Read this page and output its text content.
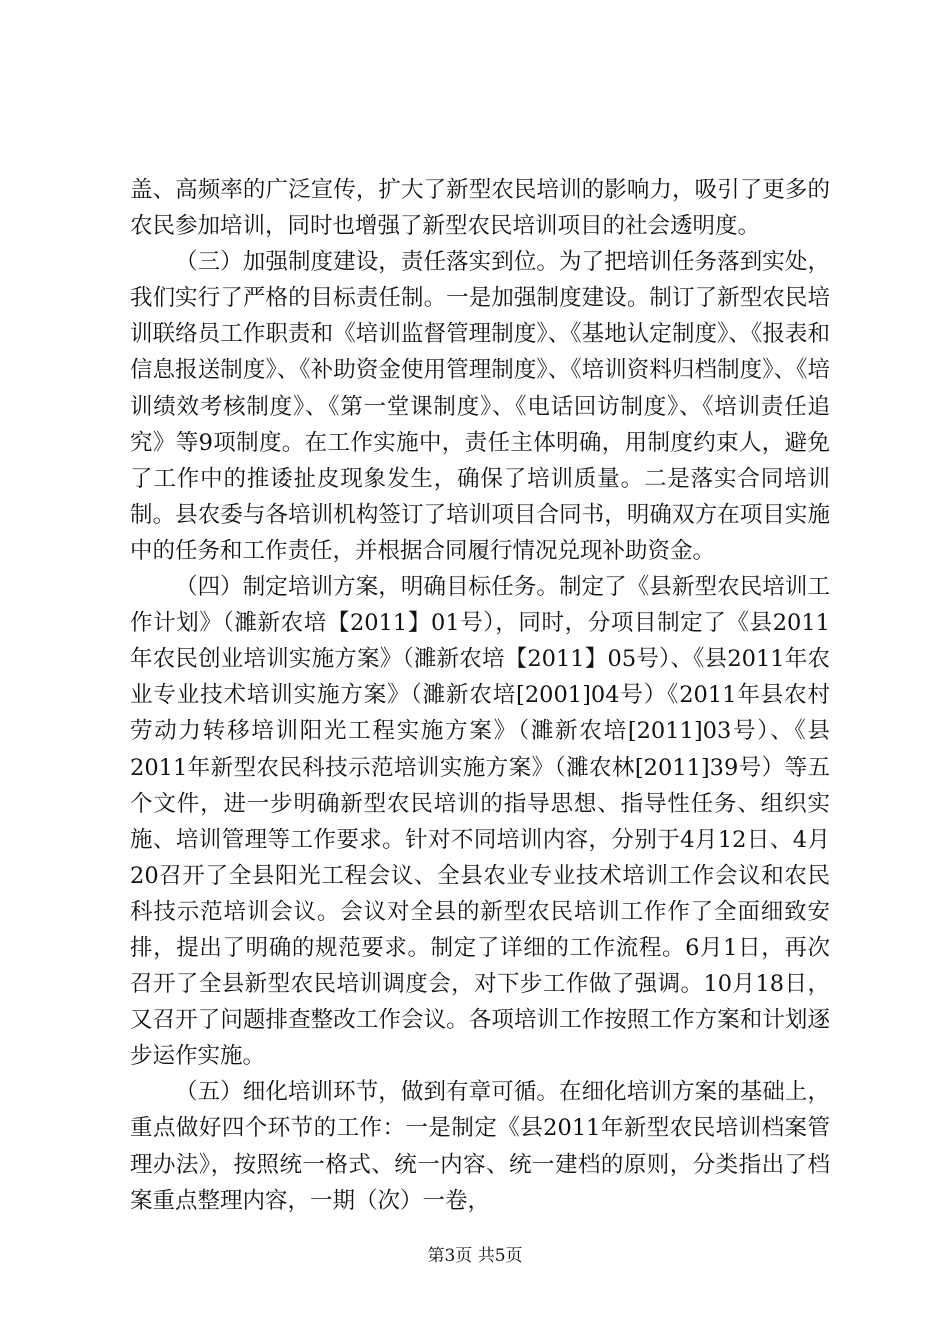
盖、高频率的广泛宣传，扩大了新型农民培训的影响力，吸引了更多的农民参加培训，同时也增强了新型农民培训项目的社会透明度。

（三）加强制度建设，责任落实到位。为了把培训任务落到实处，我们实行了严格的目标责任制。一是加强制度建设。制订了新型农民培训联络员工作职责和《培训监督管理制度》、《基地认定制度》、《报表和信息报送制度》、《补助资金使用管理制度》、《培训资料归档制度》、《培训绩效考核制度》、《第一堂课制度》、《电话回访制度》、《培训责任追究》等9项制度。在工作实施中，责任主体明确，用制度约束人，避免了工作中的推诿扯皮现象发生，确保了培训质量。二是落实合同培训制。县农委与各培训机构签订了培训项目合同书，明确双方在项目实施中的任务和工作责任，并根据合同履行情况兑现补助资金。

（四）制定培训方案，明确目标任务。制定了《县新型农民培训工作计划》（濉新农培【2011】01号），同时，分项目制定了《县2011年农民创业培训实施方案》（濉新农培【2011】05号）、《县2011年农业专业技术培训实施方案》（濉新农培[2001]04号）《2011年县农村劳动力转移培训阳光工程实施方案》（濉新农培[2011]03号）、《县2011年新型农民科技示范培训实施方案》（濉农林[2011]39号）等五个文件，进一步明确新型农民培训的指导思想、指导性任务、组织实施、培训管理等工作要求。针对不同培训内容，分别于4月12日、4月20召开了全县阳光工程会议、全县农业专业技术培训工作会议和农民科技示范培训会议。会议对全县的新型农民培训工作作了全面细致安排，提出了明确的规范要求。制定了详细的工作流程。6月1日，再次召开了全县新型农民培训调度会，对下步工作做了强调。10月18日，又召开了问题排查整改工作会议。各项培训工作按照工作方案和计划逐步运作实施。

（五）细化培训环节，做到有章可循。在细化培训方案的基础上，重点做好四个环节的工作：一是制定《县2011年新型农民培训档案管理办法》，按照统一格式、统一内容、统一建档的原则，分类指出了档案重点整理内容，一期（次）一卷，

第3页 共5页
